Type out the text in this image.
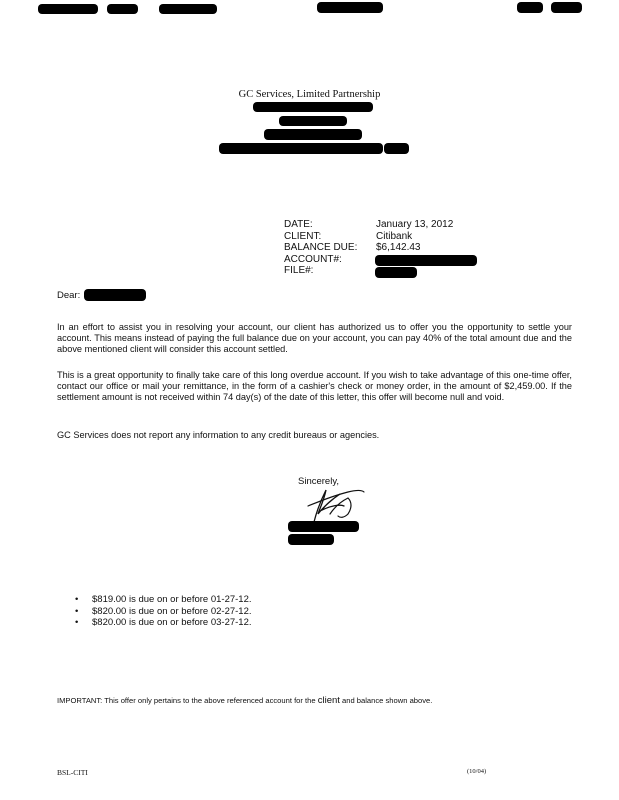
GC Services, Limited Partnership
DATE:	January 13, 2012
CLIENT:	Citibank
BALANCE DUE:	$6,142.43
ACCOUNT#:
FILE#:
Dear:

In an effort to assist you in resolving your account, our client has authorized us to offer you the opportunity to settle your account. This means instead of paying the full balance due on your account, you can pay 40% of the total amount due and the above mentioned client will consider this account settled.

This is a great opportunity to finally take care of this long overdue account. If you wish to take advantage of this one-time offer, contact our office or mail your remittance, in the form of a cashier's check or money order, in the amount of $2,459.00. If the settlement amount is not received within 74 day(s) of the date of this letter, this offer will become null and void.

GC Services does not report any information to any credit bureaus or agencies.

Sincerely,
• $819.00 is due on or before 01-27-12.
• $820.00 is due on or before 02-27-12.
• $820.00 is due on or before 03-27-12.
IMPORTANT: This offer only pertains to the above referenced account for the client and balance shown above.
BSL-CITI	(10/04)
